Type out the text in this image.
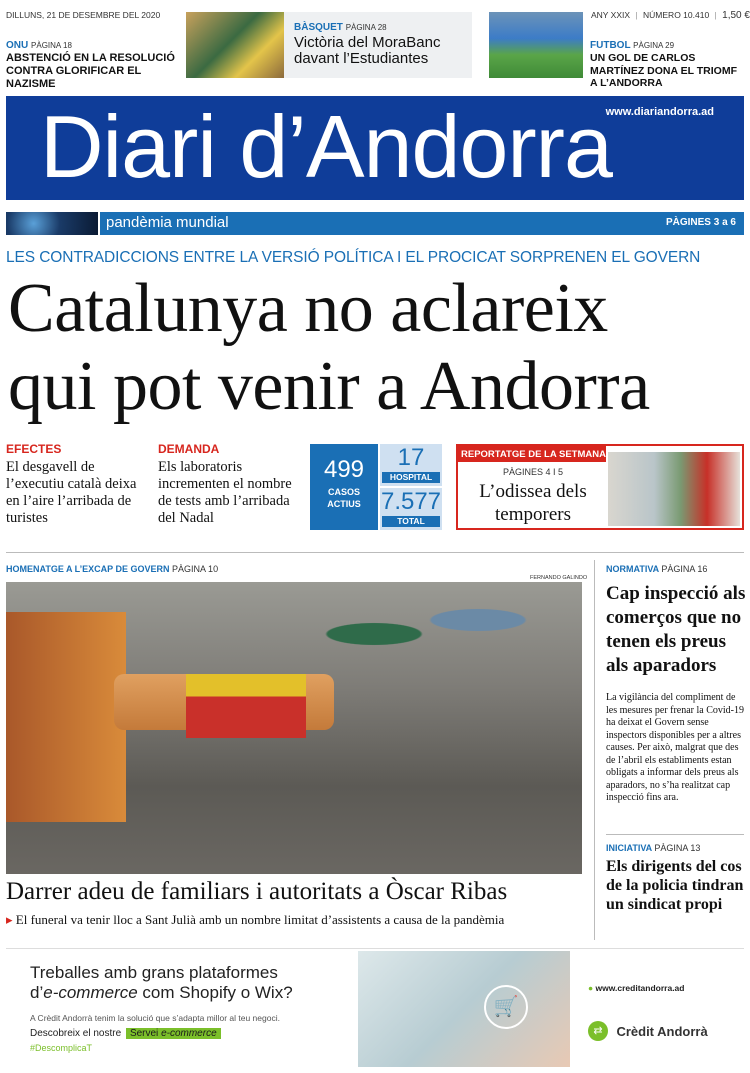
DILLUNS, 21 DE DESEMBRE DEL 2020
ONU PÀGINA 18
ABSTENCIÓ EN LA RESOLUCIÓ CONTRA GLORIFICAR EL NAZISME
BÀSQUET PÀGINA 28
Victòria del MoraBanc davant l’Estudiantes
FUTBOL PÀGINA 29
UN GOL DE CARLOS MARTÍNEZ DONA EL TRIOMF A L’ANDORRA
ANY XXIX | NÚMERO 10.410 | 1,50 €
www.diariandorra.ad
Diari d’Andorra
pandèmia mundial	PÀGINES 3 a 6
LES CONTRADICCIONS ENTRE LA VERSIÓ POLÍTICA I EL PROCICAT SORPRENEN EL GOVERN
Catalunya no aclareix
qui pot venir a Andorra
EFECTES
El desgavell de l’executiu català deixa en l’aire l’arribada de turistes
DEMANDA
Els laboratoris incrementen el nombre de tests amb l’arribada del Nadal
499
CASOS ACTIUS
17
HOSPITAL
7.577
TOTAL
REPORTATGE DE LA SETMANA
PÀGINES 4 I 5
L’odissea dels temporers
HOMENATGE A L’EXCAP DE GOVERN PÀGINA 10
FERNANDO GALINDO
Darrer adeu de familiars i autoritats a Òscar Ribas
▸ El funeral va tenir lloc a Sant Julià amb un nombre limitat d’assistents a causa de la pandèmia
NORMATIVA PÀGINA 16
Cap inspecció als comerços que no tenen els preus als aparadors
La vigilància del compliment de les mesures per frenar la Covid-19 ha deixat el Govern sense inspectors disponibles per a altres causes. Per això, malgrat que des de l’abril els establiments estan obligats a informar dels preus als aparadors, no s’ha realitzat cap inspecció fins ara.
INICIATIVA PÀGINA 13
Els dirigents del cos de la policia tindran un sindicat propi
Treballes amb grans plataformes
d’e-commerce com Shopify o Wix?
A Crèdit Andorrà tenim la solució que s’adapta millor al teu negoci.
Descobreix el nostre Servei e-commerce
#DescomplicaT
🛒
● www.creditandorra.ad
⇄ Crèdit Andorrà
